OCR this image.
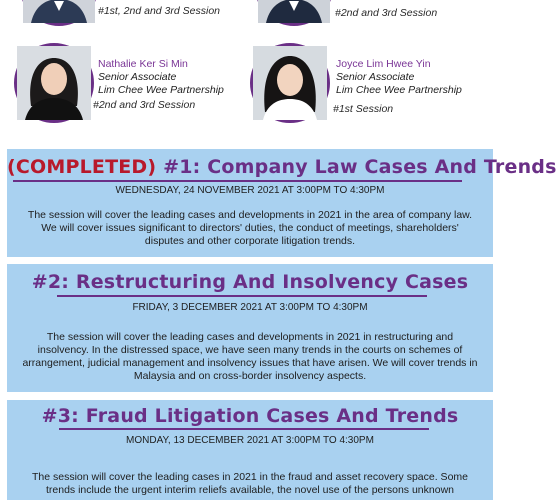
#1st, 2nd and 3rd Session	#2nd and 3rd Session
Nathalie Ker Si Min
Senior Associate
Lim Chee Wee Partnership
#2nd and 3rd Session
Joyce Lim Hwee Yin
Senior Associate
Lim Chee Wee Partnership
#1st Session
(COMPLETED) #1: Company Law Cases And Trends
WEDNESDAY, 24 NOVEMBER 2021 AT 3:00PM TO 4:30PM
The session will cover the leading cases and developments in 2021 in the area of company law. We will cover issues significant to directors' duties, the conduct of meetings, shareholders' disputes and other corporate litigation trends.
#2: Restructuring And Insolvency Cases
FRIDAY, 3 DECEMBER 2021 AT 3:00PM TO 4:30PM
The session will cover the leading cases and developments in 2021 in restructuring and insolvency. In the distressed space, we have seen many trends in the courts on schemes of arrangement, judicial management and insolvency issues that have arisen. We will cover trends in Malaysia and on cross-border insolvency aspects.
#3: Fraud Litigation Cases And Trends
MONDAY, 13 DECEMBER 2021 AT 3:00PM TO 4:30PM
The session will cover the leading cases in 2021 in the fraud and asset recovery space. Some trends include the urgent interim reliefs available, the novel use of the persons unknown
